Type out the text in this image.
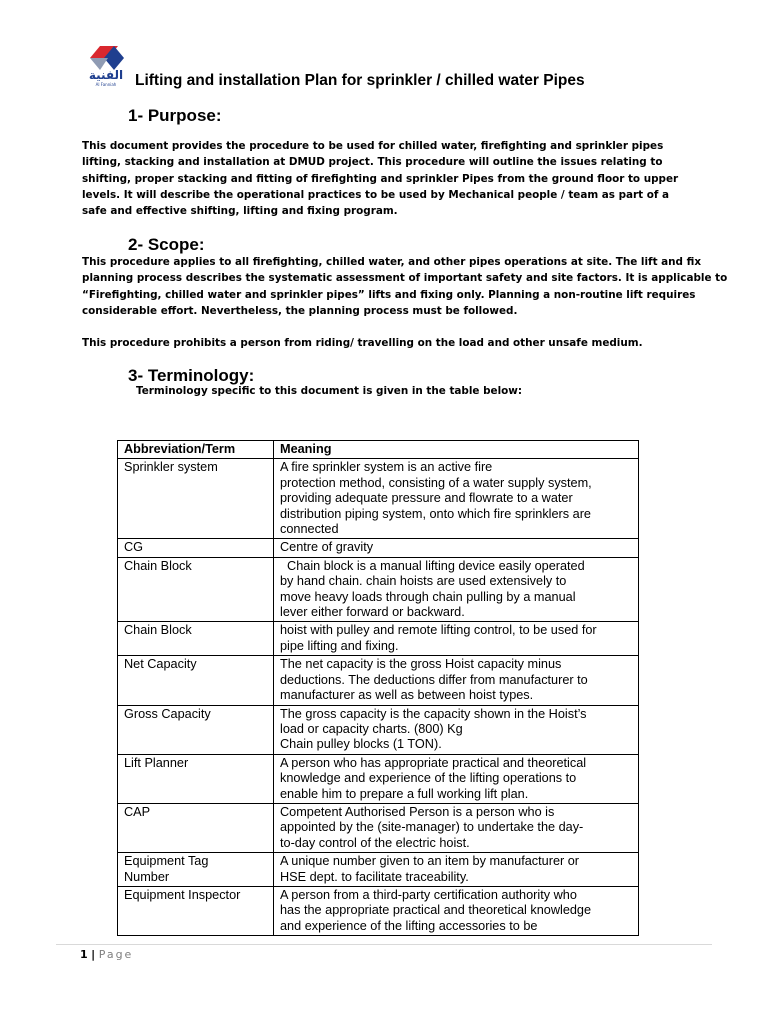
الفنية
Al Fanniah	Lifting and installation Plan for sprinkler / chilled water Pipes
1- Purpose:
This document provides the procedure to be used for chilled water, firefighting and sprinkler pipes
lifting, stacking and installation at DMUD project. This procedure will outline the issues relating to
shifting, proper stacking and fitting of firefighting and sprinkler Pipes from the ground floor to upper
levels. It will describe the operational practices to be used by Mechanical people / team as part of a
safe and effective shifting, lifting and fixing program.
2- Scope:
This procedure applies to all firefighting, chilled water, and other pipes operations at site. The lift and fix
planning process describes the systematic assessment of important safety and site factors. It is applicable to
“Firefighting, chilled water and sprinkler pipes” lifts and fixing only. Planning a non-routine lift requires
considerable effort. Nevertheless, the planning process must be followed.
This procedure prohibits a person from riding/ travelling on the load and other unsafe medium.
3- Terminology:
Terminology specific to this document is given in the table below:
Abbreviation/Term	Meaning

Sprinkler system	A fire sprinkler system is an active fire
protection method, consisting of a water supply system,
providing adequate pressure and flowrate to a water
distribution piping system, onto which fire sprinklers are
connected

CG	Centre of gravity

Chain Block	Chain block is a manual lifting device easily operated
by hand chain. chain hoists are used extensively to
move heavy loads through chain pulling by a manual
lever either forward or backward.

Chain Block	hoist with pulley and remote lifting control, to be used for
pipe lifting and fixing.

Net Capacity	The net capacity is the gross Hoist capacity minus
deductions. The deductions differ from manufacturer to
manufacturer as well as between hoist types.

Gross Capacity	The gross capacity is the capacity shown in the Hoist’s
load or capacity charts. (800) Kg
Chain pulley blocks (1 TON).

Lift Planner	A person who has appropriate practical and theoretical
knowledge and experience of the lifting operations to
enable him to prepare a full working lift plan.

CAP	Competent Authorised Person is a person who is
appointed by the (site-manager) to undertake the day-
to-day control of the electric hoist.

Equipment Tag
Number	A unique number given to an item by manufacturer or
HSE dept. to facilitate traceability.

Equipment Inspector	A person from a third-party certification authority who
has the appropriate practical and theoretical knowledge
and experience of the lifting accessories to be
1 | Page
